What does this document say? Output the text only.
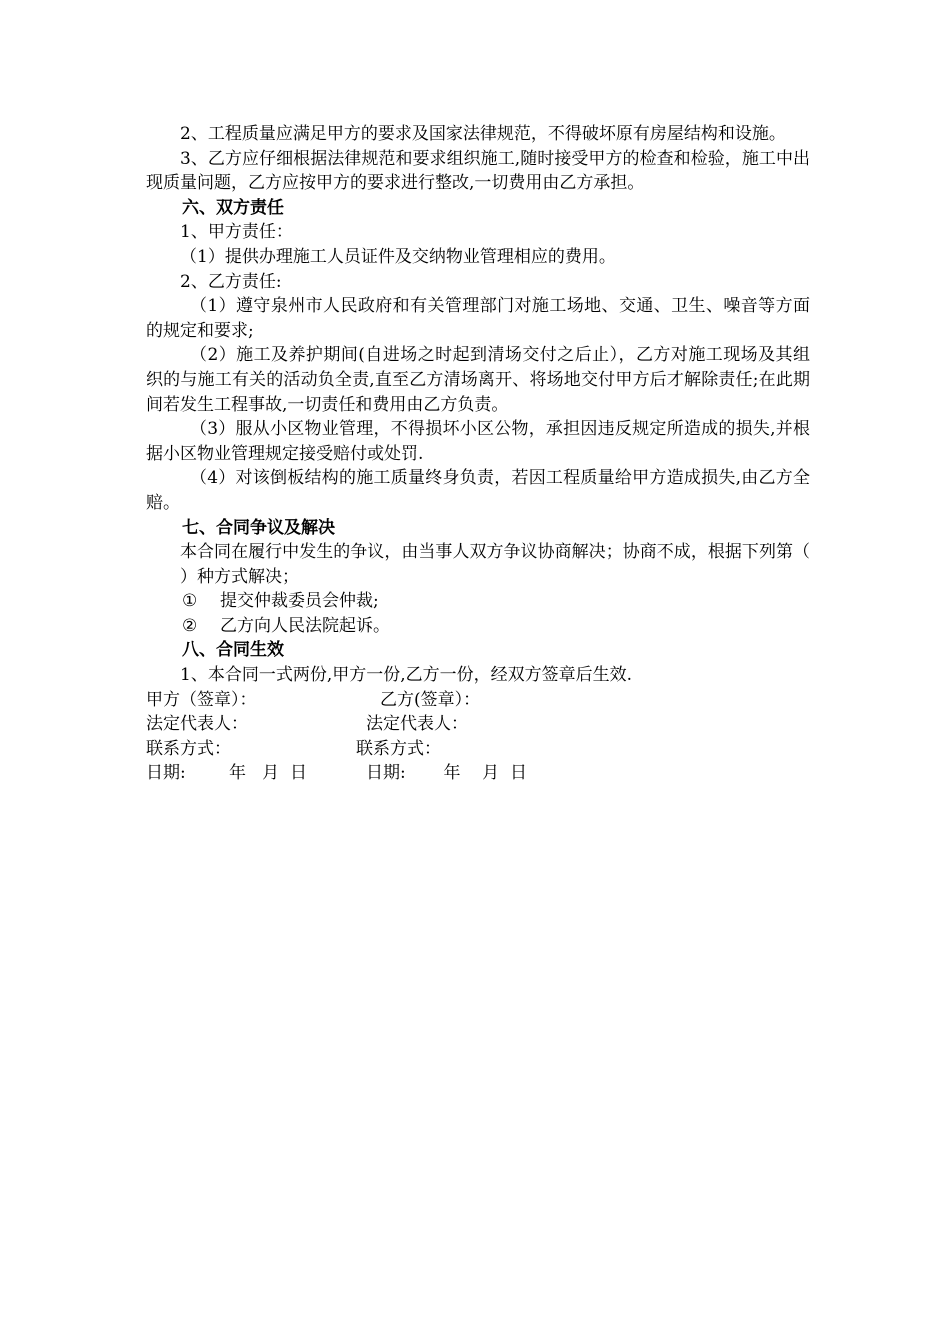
2、工程质量应满足甲方的要求及国家法律规范，不得破坏原有房屋结构和设施。

3、乙方应仔细根据法律规范和要求组织施工,随时接受甲方的检查和检验，施工中出现质量问题，乙方应按甲方的要求进行整改,一切费用由乙方承担。

六、双方责任

1、甲方责任：

（1）提供办理施工人员证件及交纳物业管理相应的费用。

2、乙方责任:

（1）遵守泉州市人民政府和有关管理部门对施工场地、交通、卫生、噪音等方面的规定和要求;

（2）施工及养护期间(自进场之时起到清场交付之后止），乙方对施工现场及其组织的与施工有关的活动负全责,直至乙方清场离开、将场地交付甲方后才解除责任;在此期间若发生工程事故,一切责任和费用由乙方负责。

（3）服从小区物业管理，不得损坏小区公物，承担因违反规定所造成的损失,并根据小区物业管理规定接受赔付或处罚.

（4）对该倒板结构的施工质量终身负责，若因工程质量给甲方造成损失,由乙方全赔。

七、合同争议及解决

本合同在履行中发生的争议，由当事人双方争议协商解决；协商不成，根据下列第（ ）种方式解决；

① 提交仲裁委员会仲裁;

② 乙方向人民法院起诉。

八、合同生效

1、本合同一式两份,甲方一份,乙方一份，经双方签章后生效.

甲方（签章）：	乙方(签章）：
法定代表人：	法定代表人：
联系方式：	联系方式：
日期:        年   月  日	日期:       年    月  日
